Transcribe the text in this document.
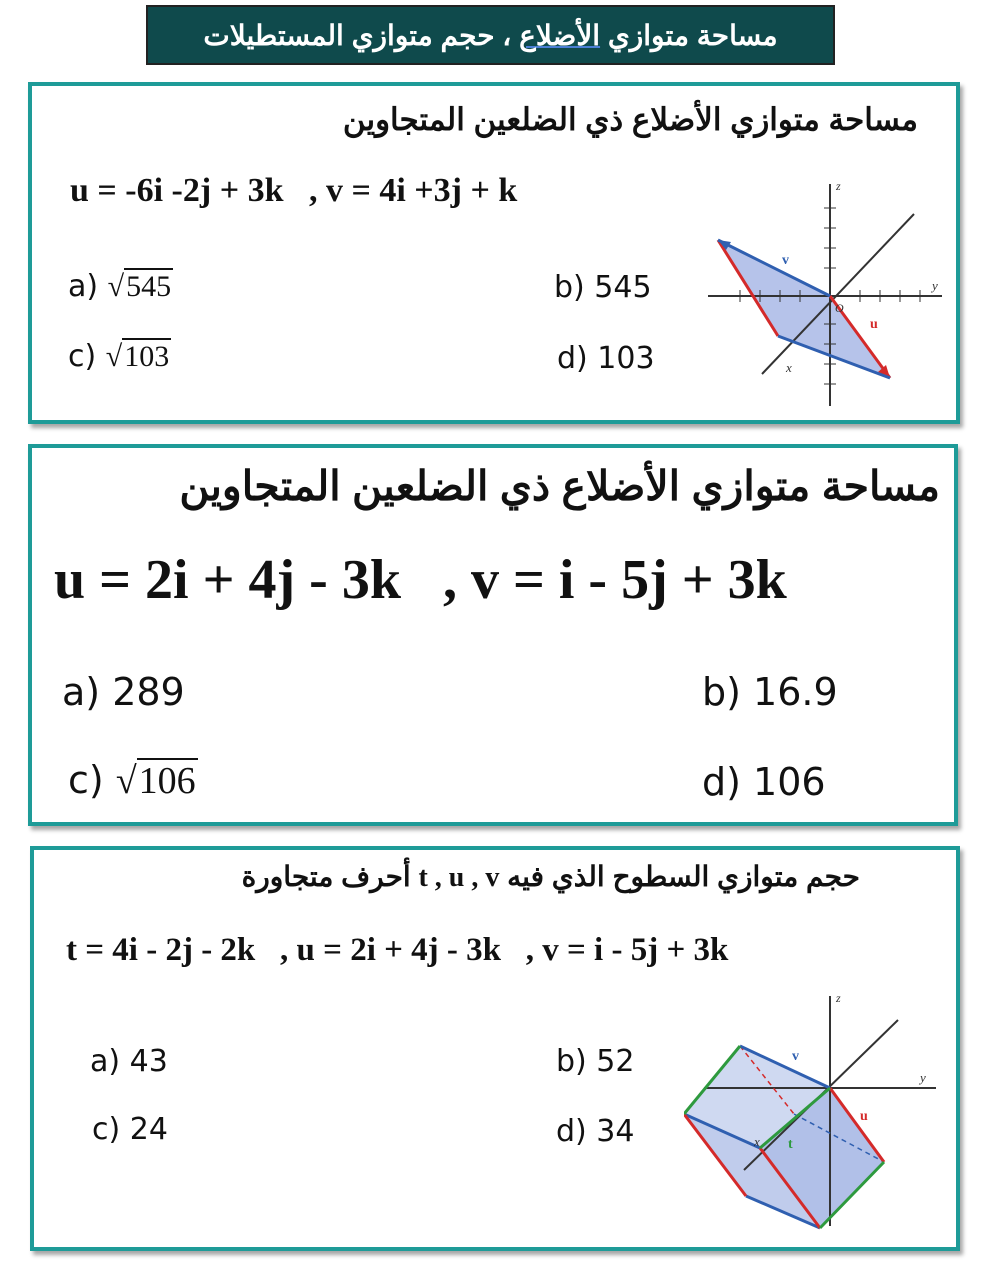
مساحة متوازي

الأضلاع

، حجم متوازي المستطيلات
مساحة متوازي الأضلاع ذي الضلعين المتجاوين
u = -6i -2j + 3k   , v = 4i +3j + k
a) √545	b) 545
c) √103	d) 103
z
y
x
O
u
v
مساحة متوازي الأضلاع ذي الضلعين المتجاوين
u = 2i + 4j - 3k   , v = i - 5j + 3k
a) 289	b) 16.9
c) √106	d) 106
حجم متوازي السطوح الذي فيه t , u , v أحرف متجاورة
t = 4i - 2j - 2k   , u = 2i + 4j - 3k   , v = i - 5j + 3k
a) 43	b) 52
c) 24	d) 34
z
y
x
u
v
t
